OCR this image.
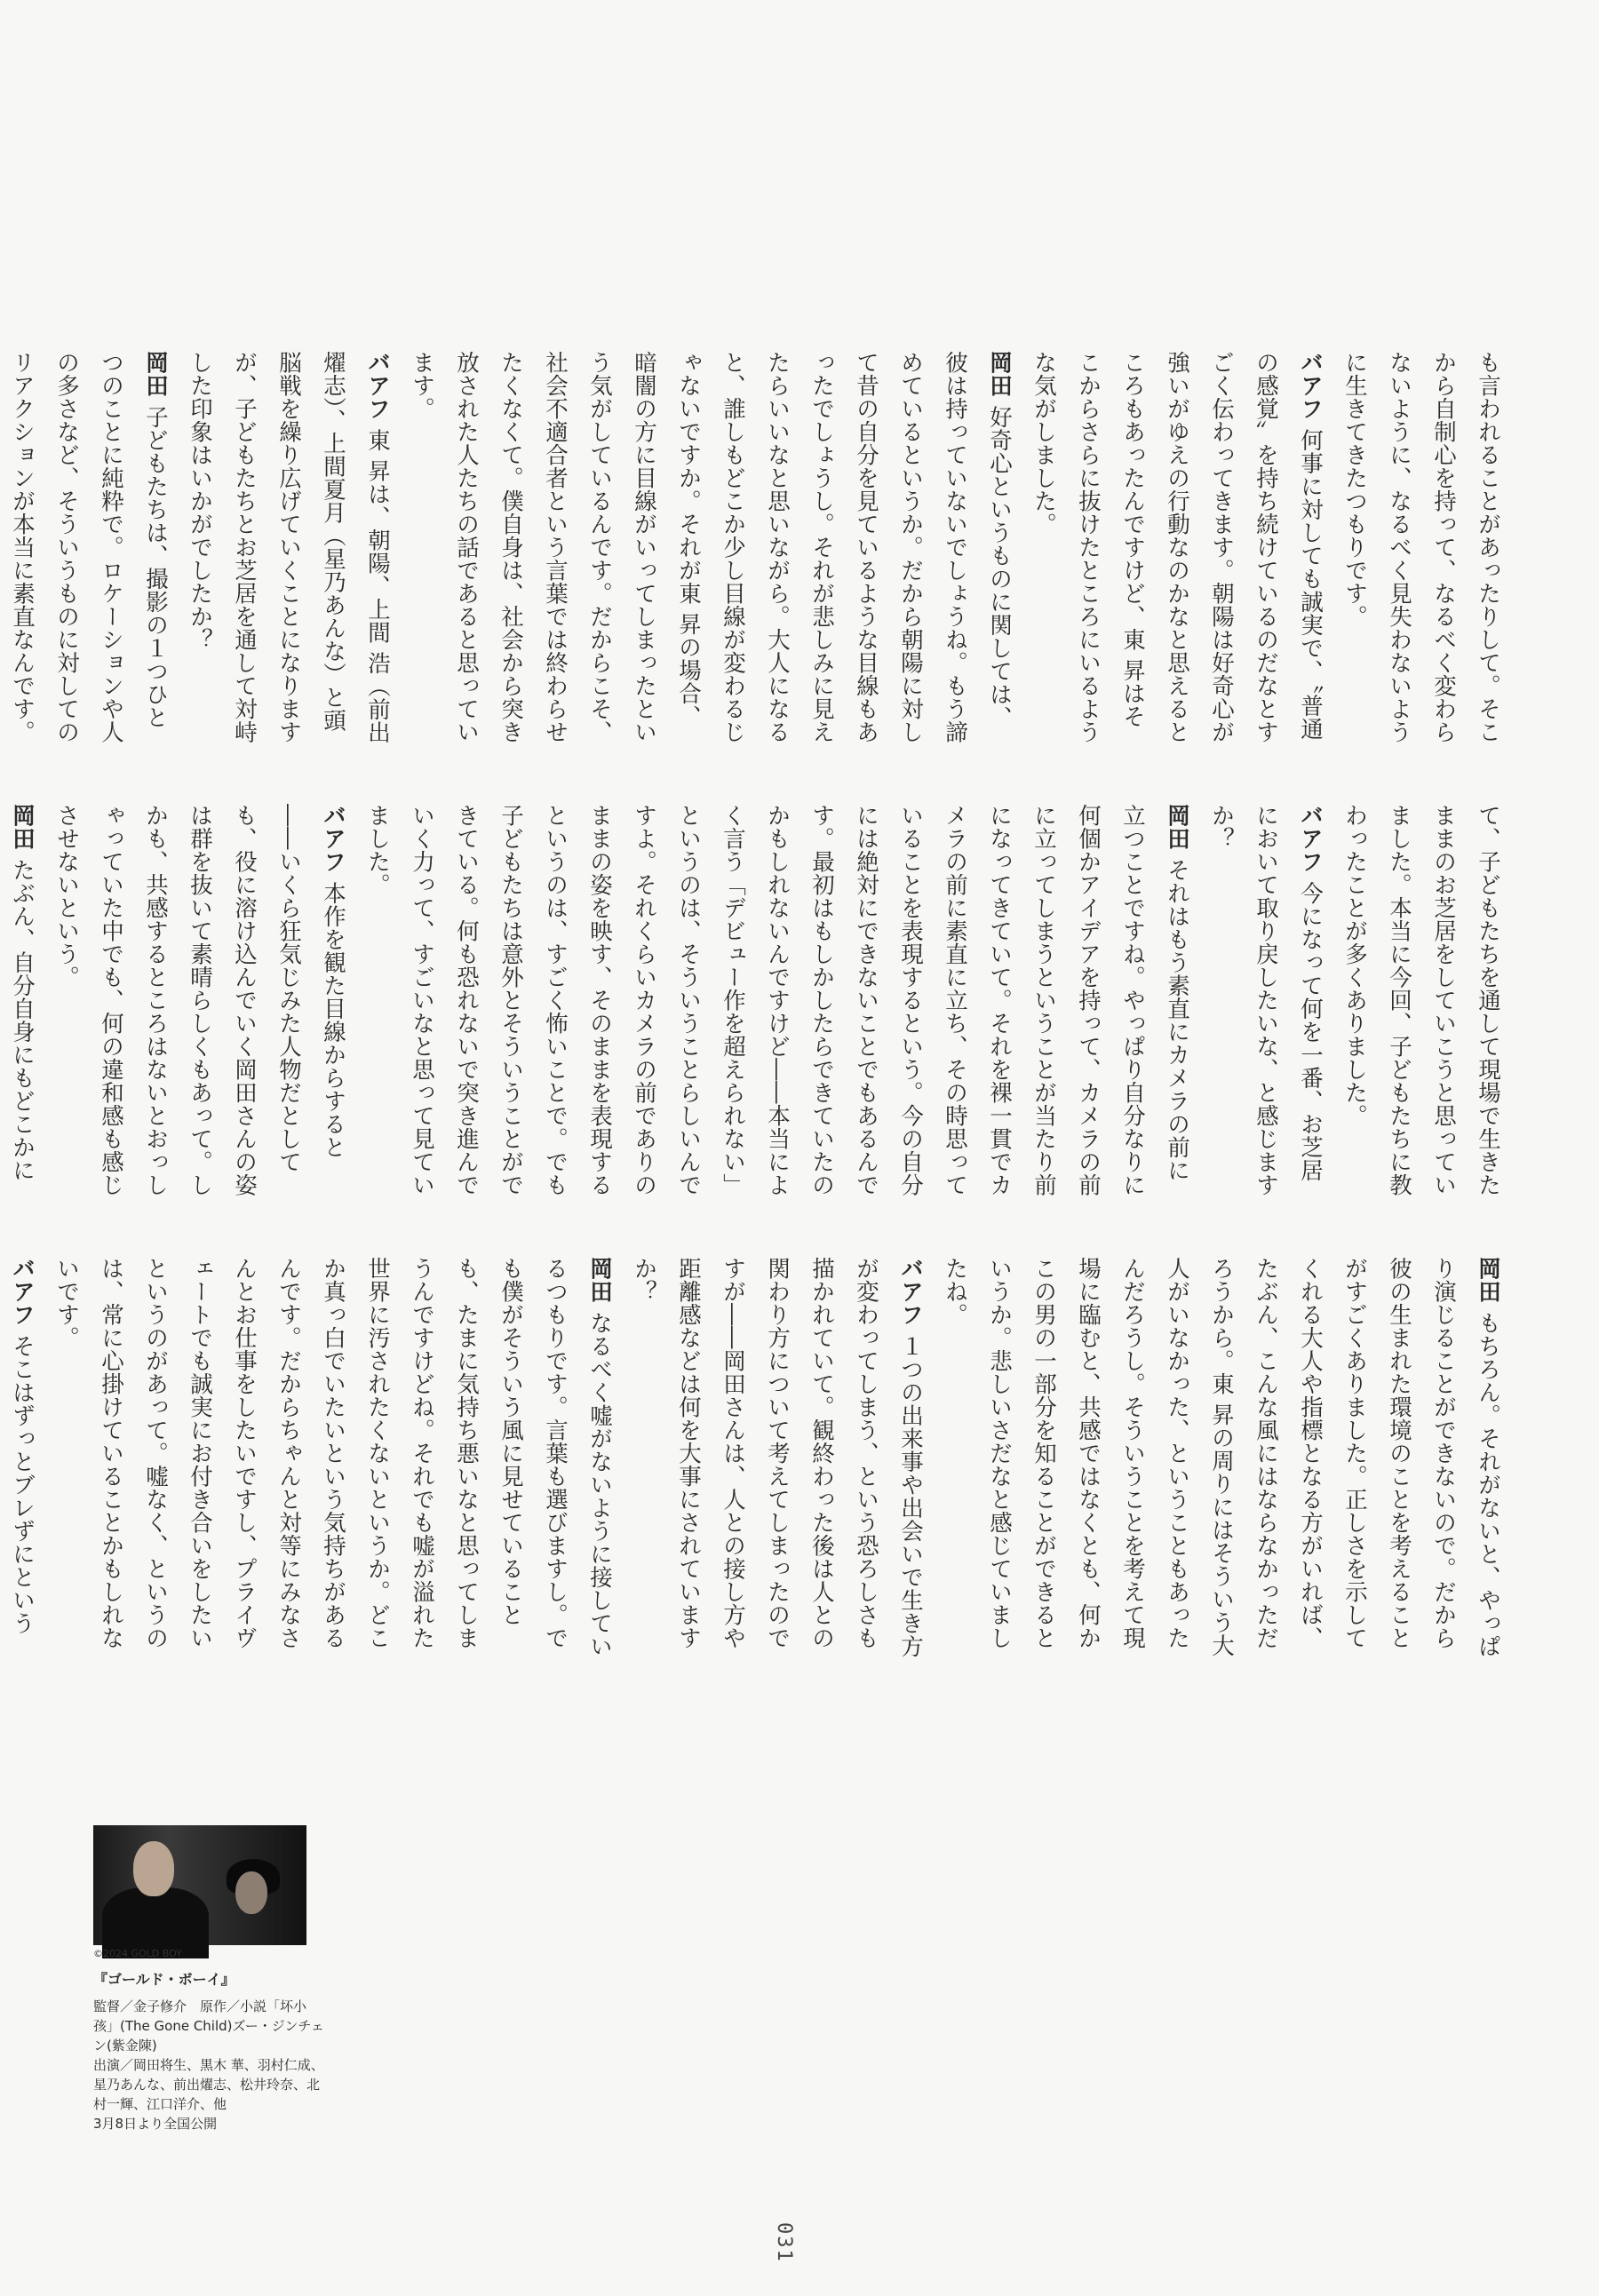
も言われることがあったりして。そこから自制心を持って、なるべく変わらないように、なるべく見失わないように生きてきたつもりです。

バアフ 何事に対しても誠実で、〝普通の感覚〟を持ち続けているのだなとすごく伝わってきます。朝陽は好奇心が強いがゆえの行動なのかなと思えるところもあったんですけど、東 昇はそこからさらに抜けたところにいるような気がしました。

岡田 好奇心というものに関しては、彼は持っていないでしょうね。もう諦めているというか。だから朝陽に対して昔の自分を見ているような目線もあったでしょうし。それが悲しみに見えたらいいなと思いながら。大人になると、誰しもどこか少し目線が変わるじゃないですか。それが東 昇の場合、暗闇の方に目線がいってしまったという気がしているんです。だからこそ、社会不適合者という言葉では終わらせたくなくて。僕自身は、社会から突き放された人たちの話であると思っています。

バアフ 東 昇は、朝陽、上間 浩（前出燿志）、上間夏月（星乃あんな）と頭脳戦を繰り広げていくことになりますが、子どもたちとお芝居を通して対峙した印象はいかがでしたか？

岡田 子どもたちは、撮影の１つひとつのことに純粋で。ロケーションや人の多さなど、そういうものに対してのリアクションが本当に素直なんです。

て、子どもたちを通して現場で生きたままのお芝居をしていこうと思っていました。本当に今回、子どもたちに教わったことが多くありました。

バアフ 今になって何を一番、お芝居において取り戻したいな、と感じますか？

岡田 それはもう素直にカメラの前に立つことですね。やっぱり自分なりに何個かアイデアを持って、カメラの前に立ってしまうということが当たり前になってきていて。それを裸一貫でカメラの前に素直に立ち、その時思っていることを表現するという。今の自分には絶対にできないことでもあるんです。最初はもしかしたらできていたのかもしれないんですけど――本当によく言う「デビュー作を超えられない」というのは、そういうことらしいんですよ。それくらいカメラの前でありのままの姿を映す、そのままを表現するというのは、すごく怖いことで。でも子どもたちは意外とそういうことができている。何も恐れないで突き進んでいく力って、すごいなと思って見ていました。

バアフ 本作を観た目線からすると――いくら狂気じみた人物だとしても、役に溶け込んでいく岡田さんの姿は群を抜いて素晴らしくもあって。しかも、共感するところはないとおっしゃっていた中でも、何の違和感も感じさせないという。

岡田 たぶん、自分自身にもどこかに

岡田 もちろん。それがないと、やっぱり演じることができないので。だから彼の生まれた環境のことを考えることがすごくありました。正しさを示してくれる大人や指標となる方がいれば、たぶん、こんな風にはならなかっただろうから。東 昇の周りにはそういう大人がいなかった、ということもあったんだろうし。そういうことを考えて現場に臨むと、共感ではなくとも、何かこの男の一部分を知ることができるというか。悲しいさだなと感じていましたね。

バアフ １つの出来事や出会いで生き方が変わってしまう、という恐ろしさも描かれていて。観終わった後は人との関わり方について考えてしまったのですが――岡田さんは、人との接し方や距離感などは何を大事にされていますか？

岡田 なるべく嘘がないように接しているつもりです。言葉も選びますし。でも僕がそういう風に見せていることも、たまに気持ち悪いなと思ってしまうんですけどね。それでも嘘が溢れた世界に汚されたくないというか。どこか真っ白でいたいという気持ちがあるんです。だからちゃんと対等にみなさんとお仕事をしたいですし、プライヴェートでも誠実にお付き合いをしたいというのがあって。嘘なく、というのは、常に心掛けていることかもしれないです。

バアフ そこはずっとブレずにという

©2024 GOLD BOY
『ゴールド・ボーイ』
監督／金子修介　原作／小説「坏小孩」(The Gone Child)ズー・ジンチェン(紫金陳)
出演／岡田将生、黒木 華、羽村仁成、星乃あんな、前出燿志、松井玲奈、北村一輝、江口洋介、他
3月8日より全国公開
031
